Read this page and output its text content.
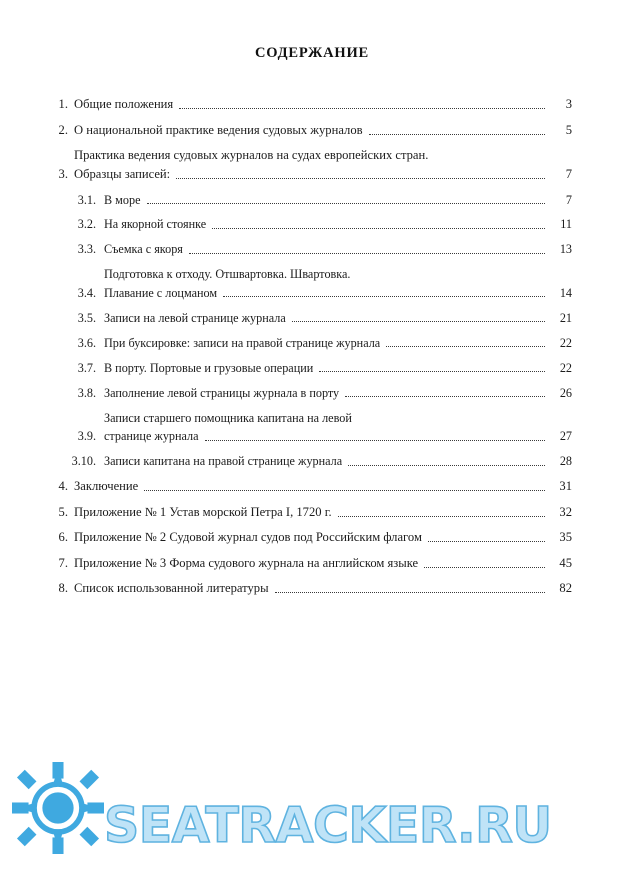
СОДЕРЖАНИЕ
1. Общие положения	3
2. О национальной практике ведения судовых журналов	5
3.
Практика ведения судовых журналов на судах европейских стран.
Образцы записей:	7
3.1. В море	7
3.2. На якорной стоянке	11
3.3. Съемка с якоря	13
3.4.
Подготовка к отходу. Отшвартовка. Швартовка.
Плавание с лоцманом	14
3.5. Записи на левой странице журнала	21
3.6. При буксировке: записи на правой странице журнала	22
3.7. В порту. Портовые и грузовые операции	22
3.8. Заполнение левой страницы журнала в порту	26
3.9.
Записи старшего помощника капитана на левой
странице журнала	27
3.10. Записи капитана на правой странице журнала	28
4. Заключение	31
5. Приложение № 1 Устав морской Петра I, 1720 г.	32
6. Приложение № 2 Судовой журнал судов под Российским флагом	35
7. Приложение № 3 Форма судового журнала на английском языке	45
8. Список использованной литературы	82
SEATRACKER.RU
